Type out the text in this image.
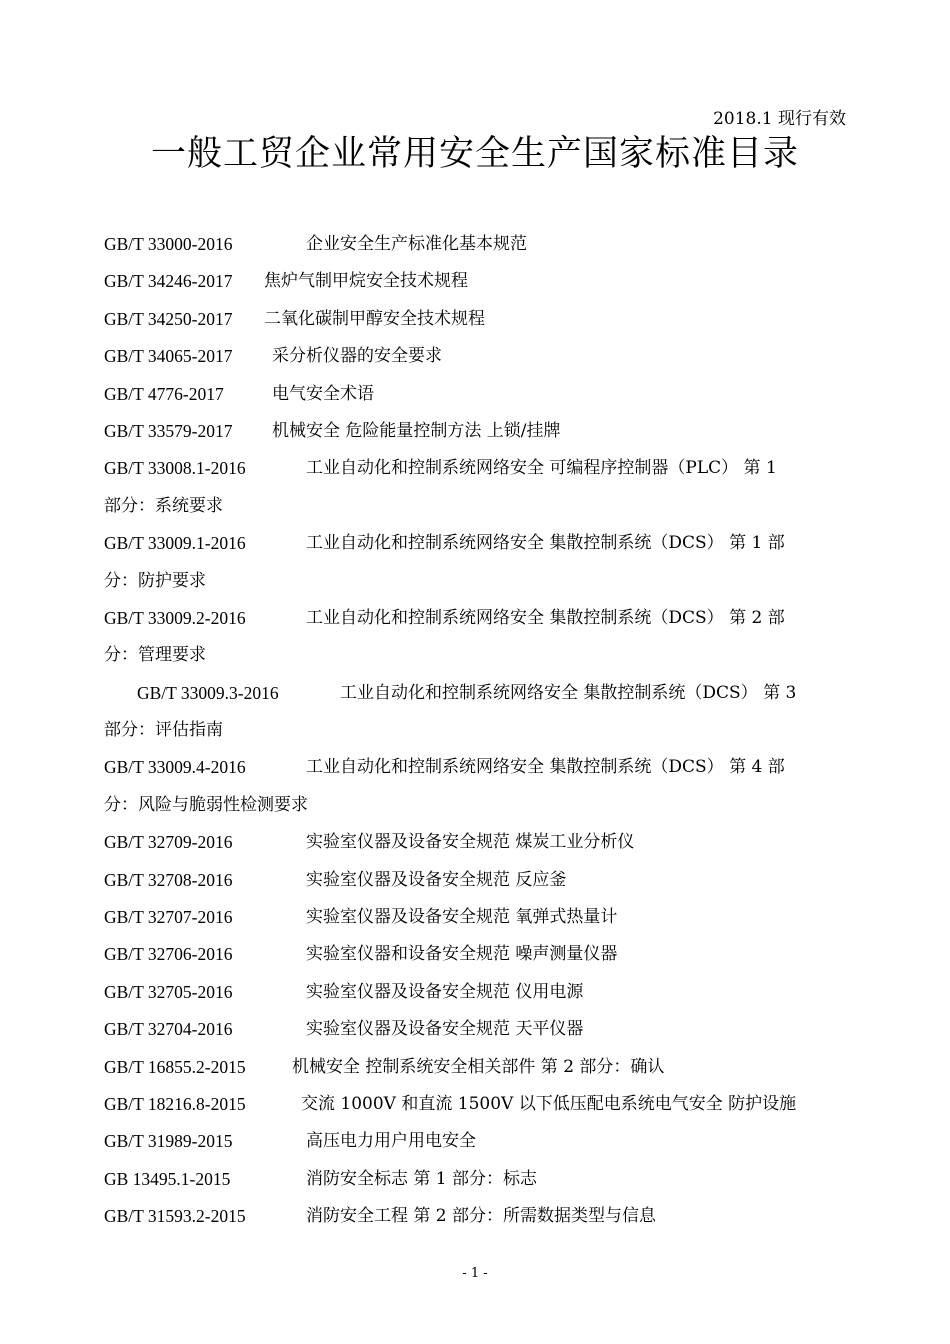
2018.1 现行有效
一般工贸企业常用安全生产国家标准目录
GB/T 33000-2016	企业安全生产标准化基本规范
GB/T 34246-2017 焦炉气制甲烷安全技术规程
GB/T 34250-2017 二氧化碳制甲醇安全技术规程
GB/T 34065-2017 采分析仪器的安全要求
GB/T 4776-2017	电气安全术语
GB/T 33579-2017 机械安全 危险能量控制方法 上锁/挂牌
GB/T 33008.1-2016	工业自动化和控制系统网络安全 可编程序控制器（PLC） 第 1
部分：系统要求
GB/T 33009.1-2016	工业自动化和控制系统网络安全 集散控制系统（DCS） 第 1 部
分：防护要求
GB/T 33009.2-2016	工业自动化和控制系统网络安全 集散控制系统（DCS） 第 2 部
分：管理要求
GB/T 33009.3-2016	工业自动化和控制系统网络安全 集散控制系统（DCS） 第 3
部分：评估指南
GB/T 33009.4-2016	工业自动化和控制系统网络安全 集散控制系统（DCS） 第 4 部
分：风险与脆弱性检测要求
GB/T 32709-2016	实验室仪器及设备安全规范 煤炭工业分析仪
GB/T 32708-2016	实验室仪器及设备安全规范 反应釜
GB/T 32707-2016	实验室仪器及设备安全规范 氧弹式热量计
GB/T 32706-2016	实验室仪器和设备安全规范 噪声测量仪器
GB/T 32705-2016	实验室仪器及设备安全规范 仪用电源
GB/T 32704-2016	实验室仪器及设备安全规范 天平仪器
GB/T 16855.2-2015	机械安全 控制系统安全相关部件 第 2 部分：确认
GB/T 18216.8-2015	交流 1000V 和直流 1500V 以下低压配电系统电气安全 防护设施
GB/T 31989-2015	高压电力用户用电安全
GB 13495.1-2015	消防安全标志 第 1 部分：标志
GB/T 31593.2-2015	消防安全工程 第 2 部分：所需数据类型与信息
- 1 -
